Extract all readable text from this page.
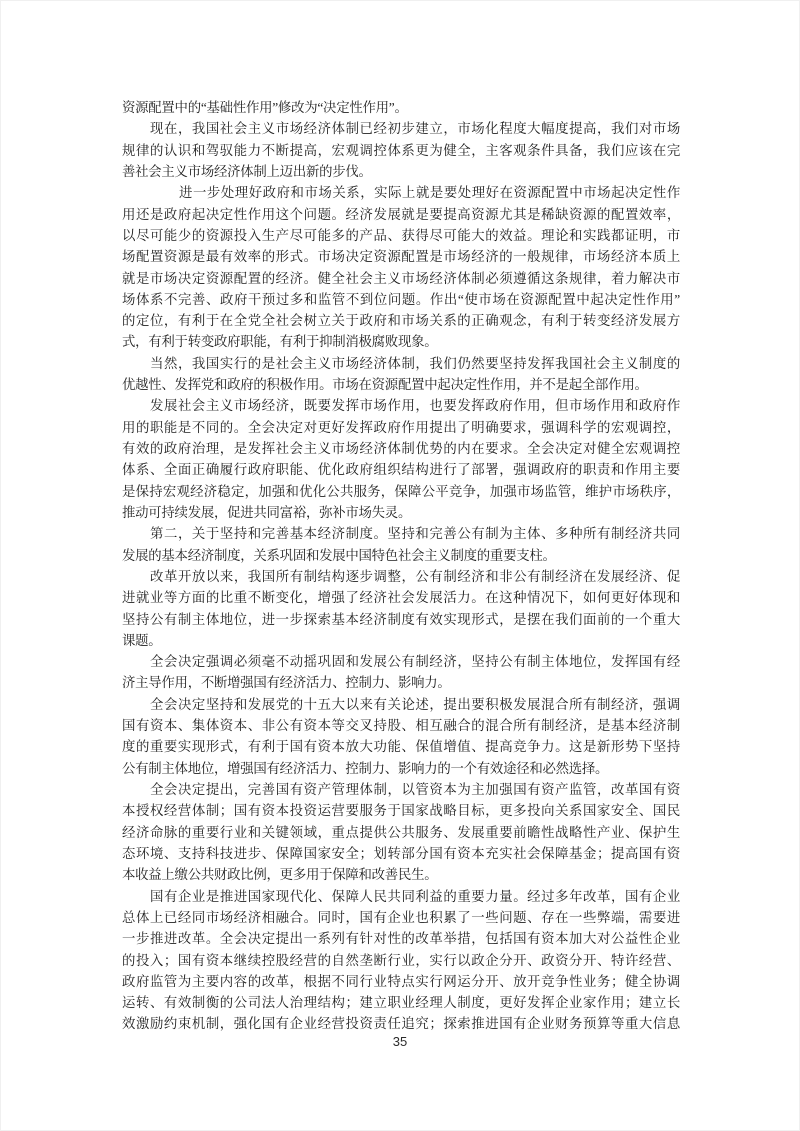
资源配置中的“基础性作用”修改为“决定性作用”。
现在，我国社会主义市场经济体制已经初步建立，市场化程度大幅度提高，我们对市场
规律的认识和驾驭能力不断提高，宏观调控体系更为健全，主客观条件具备，我们应该在完
善社会主义市场经济体制上迈出新的步伐。
进一步处理好政府和市场关系，实际上就是要处理好在资源配置中市场起决定性作
用还是政府起决定性作用这个问题。经济发展就是要提高资源尤其是稀缺资源的配置效率，
以尽可能少的资源投入生产尽可能多的产品、获得尽可能大的效益。理论和实践都证明，市
场配置资源是最有效率的形式。市场决定资源配置是市场经济的一般规律，市场经济本质上
就是市场决定资源配置的经济。健全社会主义市场经济体制必须遵循这条规律，着力解决市
场体系不完善、政府干预过多和监管不到位问题。作出“使市场在资源配置中起决定性作用”
的定位，有利于在全党全社会树立关于政府和市场关系的正确观念，有利于转变经济发展方
式，有利于转变政府职能，有利于抑制消极腐败现象。
当然，我国实行的是社会主义市场经济体制，我们仍然要坚持发挥我国社会主义制度的
优越性、发挥党和政府的积极作用。市场在资源配置中起决定性作用，并不是起全部作用。
发展社会主义市场经济，既要发挥市场作用，也要发挥政府作用，但市场作用和政府作
用的职能是不同的。全会决定对更好发挥政府作用提出了明确要求，强调科学的宏观调控，
有效的政府治理，是发挥社会主义市场经济体制优势的内在要求。全会决定对健全宏观调控
体系、全面正确履行政府职能、优化政府组织结构进行了部署，强调政府的职责和作用主要
是保持宏观经济稳定，加强和优化公共服务，保障公平竞争，加强市场监管，维护市场秩序，
推动可持续发展，促进共同富裕，弥补市场失灵。
第二，关于坚持和完善基本经济制度。坚持和完善公有制为主体、多种所有制经济共同
发展的基本经济制度，关系巩固和发展中国特色社会主义制度的重要支柱。
改革开放以来，我国所有制结构逐步调整，公有制经济和非公有制经济在发展经济、促
进就业等方面的比重不断变化，增强了经济社会发展活力。在这种情况下，如何更好体现和
坚持公有制主体地位，进一步探索基本经济制度有效实现形式，是摆在我们面前的一个重大
课题。
全会决定强调必须毫不动摇巩固和发展公有制经济，坚持公有制主体地位，发挥国有经
济主导作用，不断增强国有经济活力、控制力、影响力。
全会决定坚持和发展党的十五大以来有关论述，提出要积极发展混合所有制经济，强调
国有资本、集体资本、非公有资本等交叉持股、相互融合的混合所有制经济，是基本经济制
度的重要实现形式，有利于国有资本放大功能、保值增值、提高竞争力。这是新形势下坚持
公有制主体地位，增强国有经济活力、控制力、影响力的一个有效途径和必然选择。
全会决定提出，完善国有资产管理体制，以管资本为主加强国有资产监管，改革国有资
本授权经营体制；国有资本投资运营要服务于国家战略目标，更多投向关系国家安全、国民
经济命脉的重要行业和关键领域，重点提供公共服务、发展重要前瞻性战略性产业、保护生
态环境、支持科技进步、保障国家安全；划转部分国有资本充实社会保障基金；提高国有资
本收益上缴公共财政比例，更多用于保障和改善民生。
国有企业是推进国家现代化、保障人民共同利益的重要力量。经过多年改革，国有企业
总体上已经同市场经济相融合。同时，国有企业也积累了一些问题、存在一些弊端，需要进
一步推进改革。全会决定提出一系列有针对性的改革举措，包括国有资本加大对公益性企业
的投入；国有资本继续控股经营的自然垄断行业，实行以政企分开、政资分开、特许经营、
政府监管为主要内容的改革，根据不同行业特点实行网运分开、放开竞争性业务；健全协调
运转、有效制衡的公司法人治理结构；建立职业经理人制度，更好发挥企业家作用；建立长
效激励约束机制，强化国有企业经营投资责任追究；探索推进国有企业财务预算等重大信息
35
